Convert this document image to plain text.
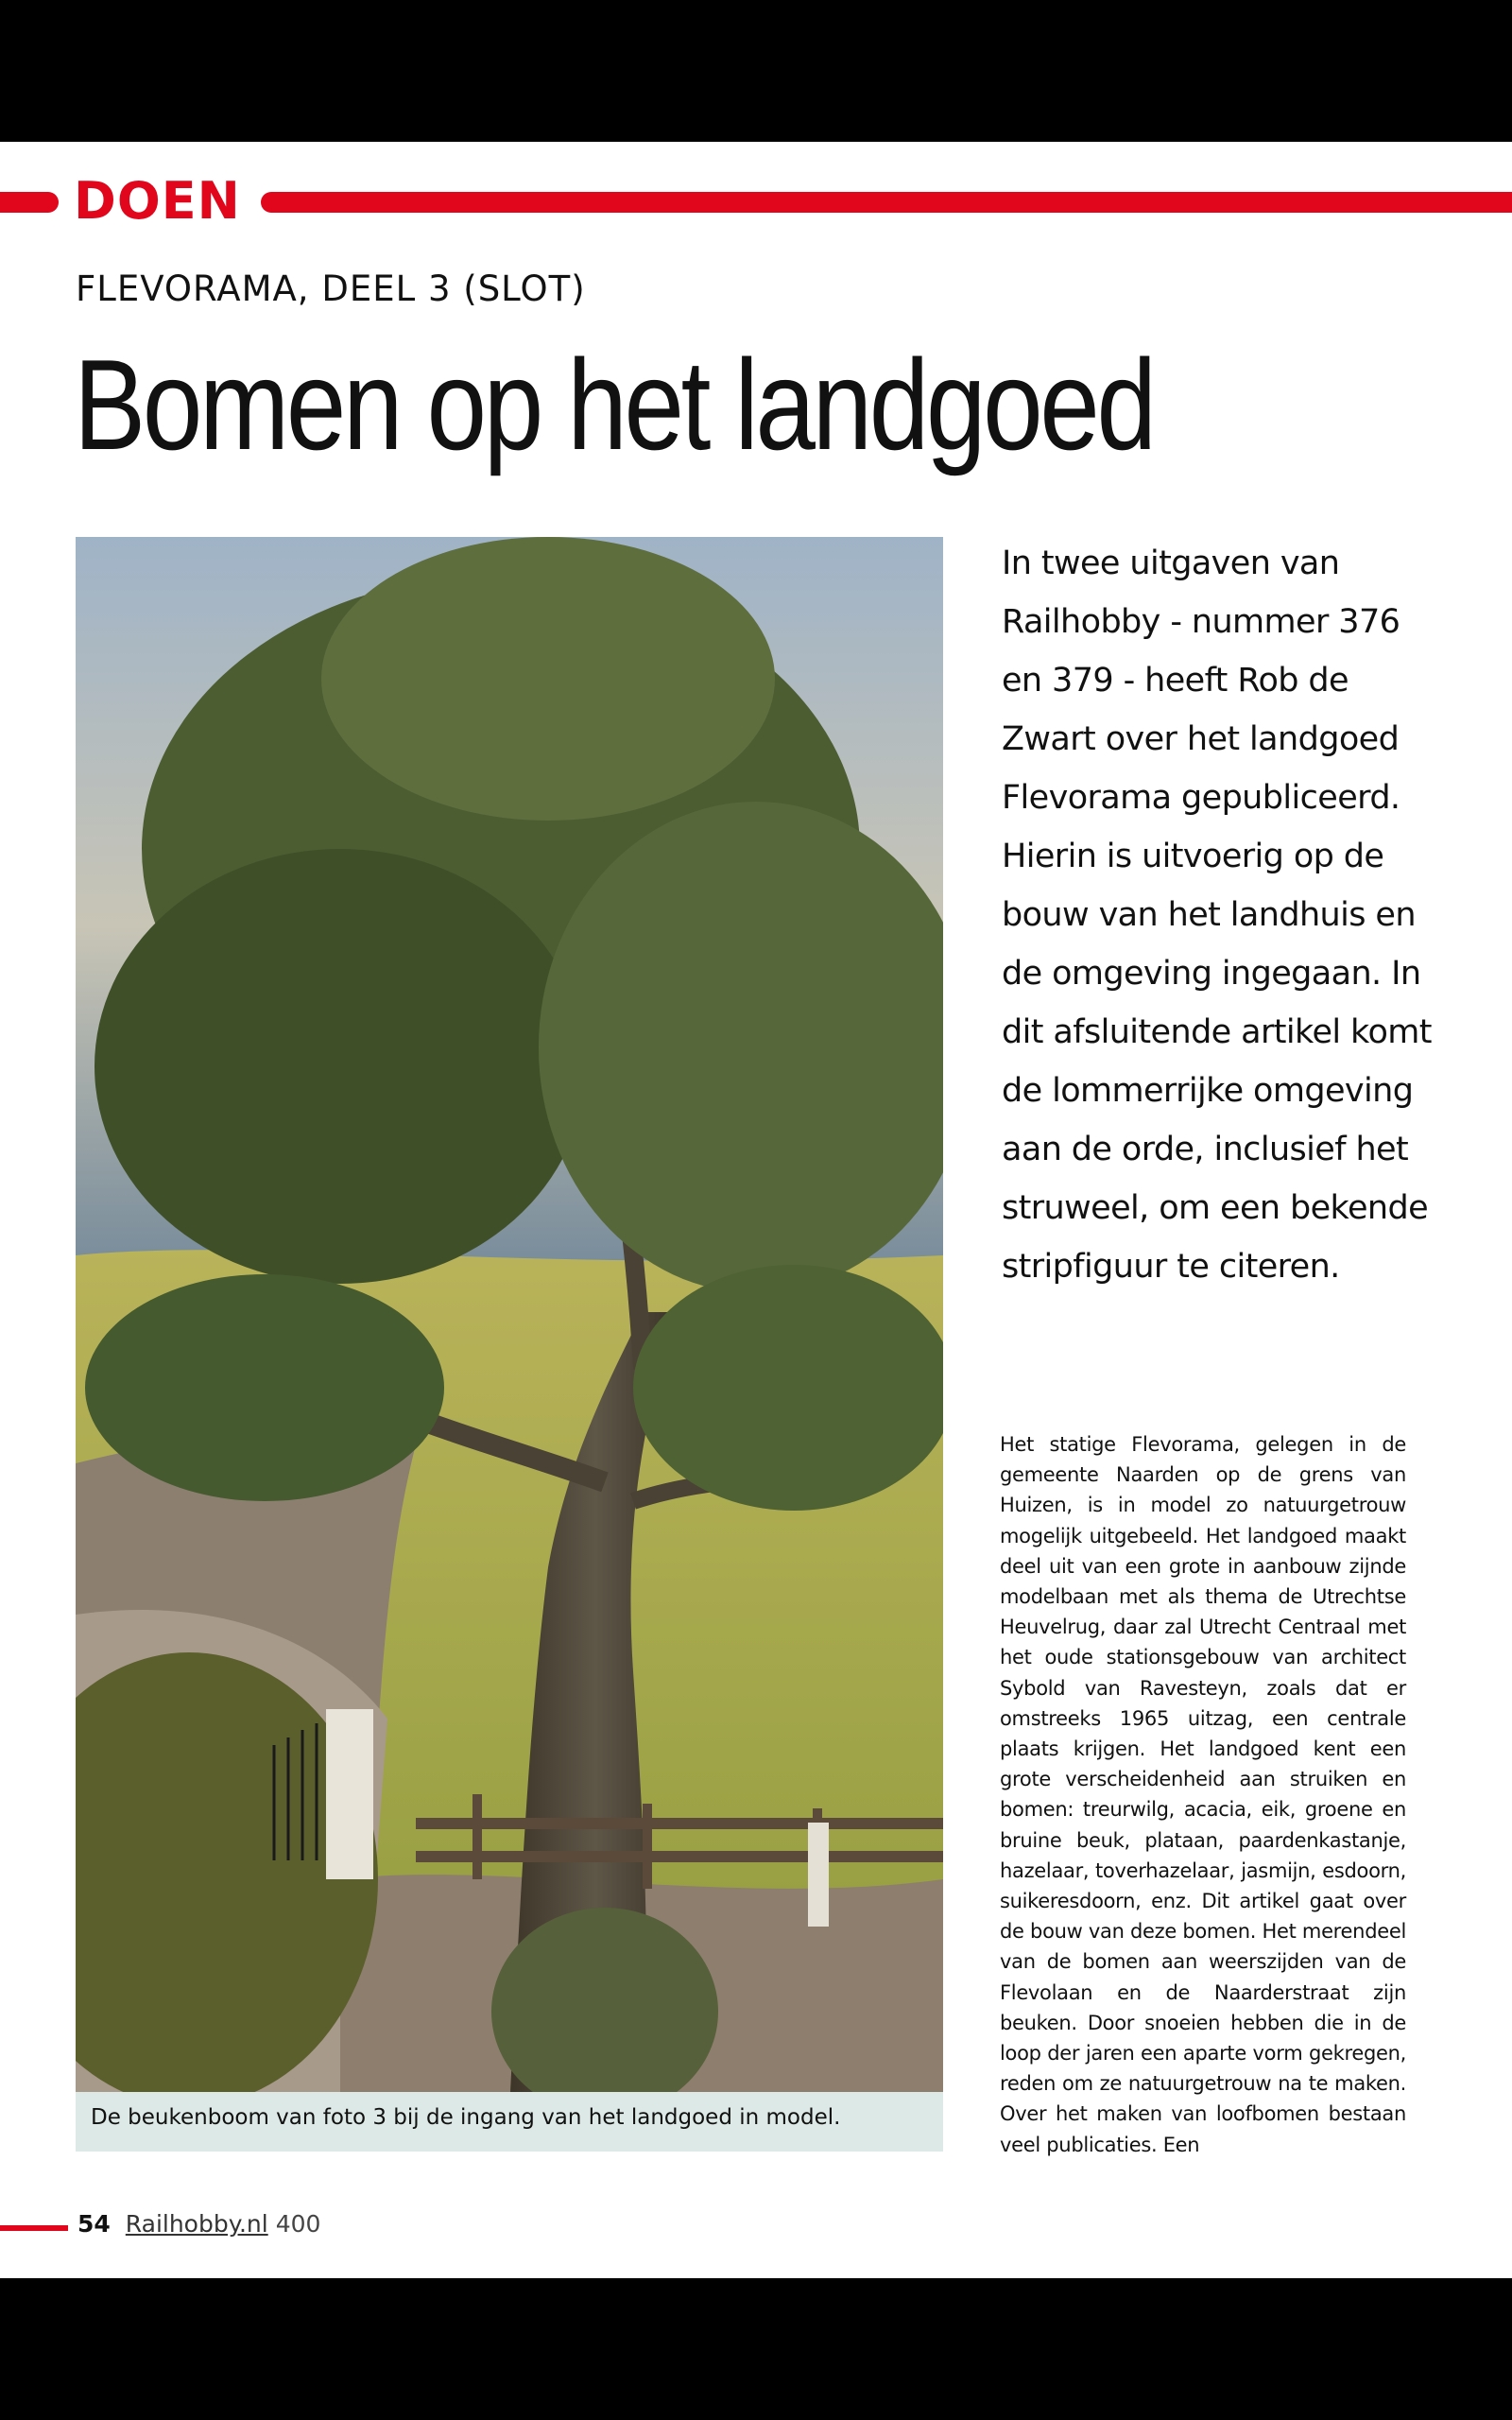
DOEN

FLEVORAMA, DEEL 3 (SLOT)

Bomen op het landgoed

De beukenboom van foto 3 bij de ingang van het landgoed in model.

In twee uitgaven van Railhobby - nummer 376 en 379 - heeft Rob de Zwart over het landgoed Flevorama gepubliceerd. Hierin is uitvoerig op de bouw van het landhuis en de omgeving ingegaan. In dit afsluitende artikel komt de lommerrijke omgeving aan de orde, inclusief het struweel, om een bekende stripfiguur te citeren.

Het statige Flevorama, gelegen in de gemeente Naarden op de grens van Huizen, is in model zo natuurgetrouw mogelijk uitgebeeld. Het landgoed maakt deel uit van een grote in aanbouw zijnde modelbaan met als thema de Utrechtse Heuvelrug, daar zal Utrecht Centraal met het oude stationsgebouw van architect Sybold van Ravesteyn, zoals dat er omstreeks 1965 uitzag, een centrale plaats krijgen. Het landgoed kent een grote verscheidenheid aan struiken en bomen: treurwilg, acacia, eik, groene en bruine beuk, plataan, paardenkastanje, hazelaar, toverhazelaar, jasmijn, esdoorn, suikeresdoorn, enz. Dit artikel gaat over de bouw van deze bomen. Het merendeel van de bomen aan weerszijden van de Flevolaan en de Naarderstraat zijn beuken. Door snoeien hebben die in de loop der jaren een aparte vorm gekregen, reden om ze natuurgetrouw na te maken. Over het maken van loofbomen bestaan veel publicaties. Een

54 Railhobby.nl 400
